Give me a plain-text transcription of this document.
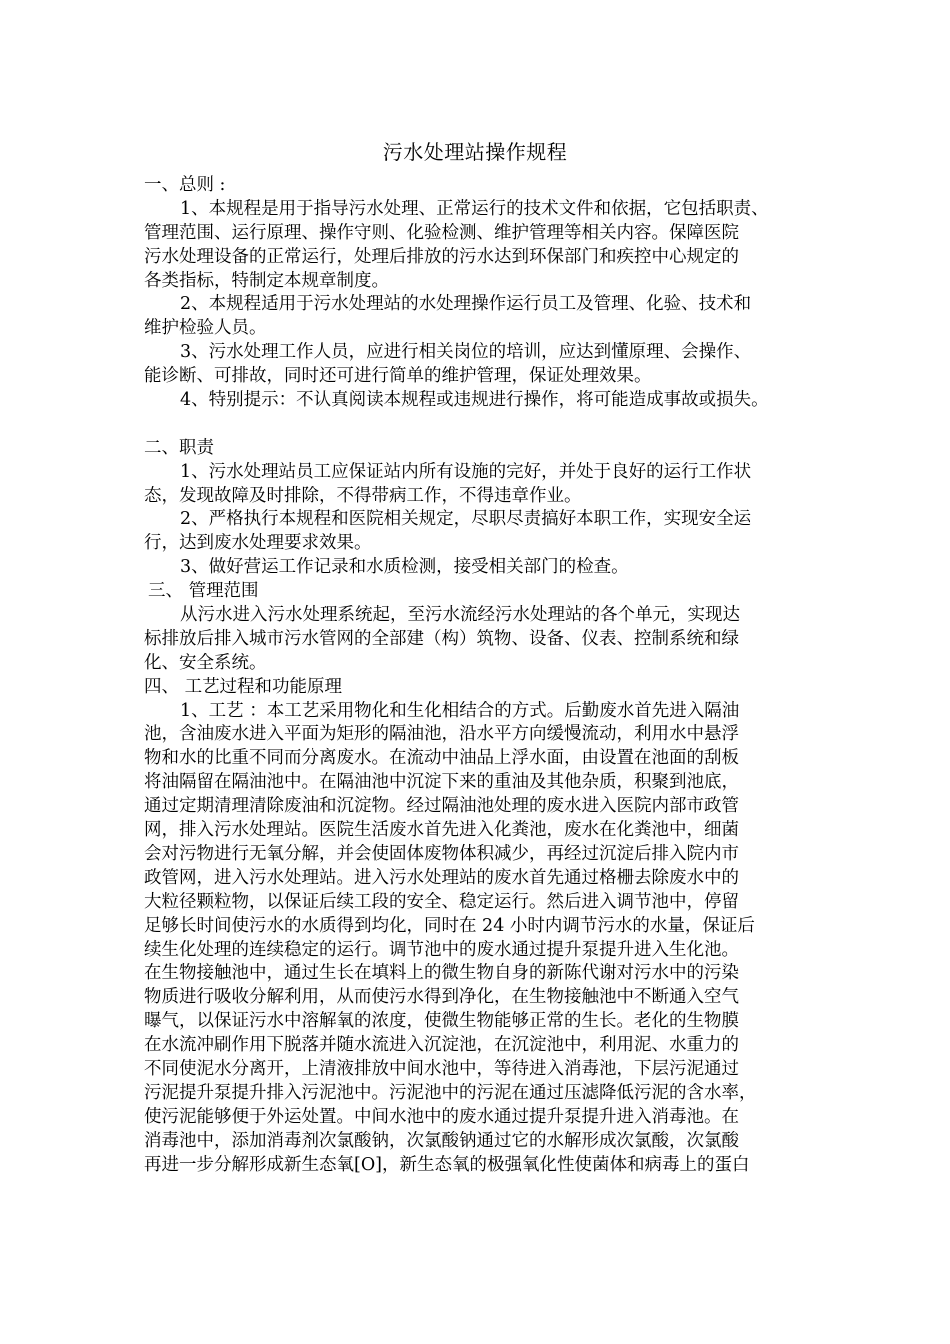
污水处理站操作规程
一、总则 :
1、本规程是用于指导污水处理、正常运行的技术文件和依据，它包括职责、
管理范围、运行原理、操作守则、化验检测、维护管理等相关内容。保障医院
污水处理设备的正常运行，处理后排放的污水达到环保部门和疾控中心规定的
各类指标，特制定本规章制度。
2、本规程适用于污水处理站的水处理操作运行员工及管理、化验、技术和
维护检验人员。
3、污水处理工作人员，应进行相关岗位的培训，应达到懂原理、会操作、
能诊断、可排故，同时还可进行简单的维护管理，保证处理效果。
4、特别提示：不认真阅读本规程或违规进行操作，将可能造成事故或损失。
二、职责
1、污水处理站员工应保证站内所有设施的完好，并处于良好的运行工作状
态，发现故障及时排除，不得带病工作，不得违章作业。
2、严格执行本规程和医院相关规定，尽职尽责搞好本职工作，实现安全运
行，达到废水处理要求效果。
3、做好营运工作记录和水质检测，接受相关部门的检查。
三、 管理范围
从污水进入污水处理系统起，至污水流经污水处理站的各个单元，实现达
标排放后排入城市污水管网的全部建（构）筑物、设备、仪表、控制系统和绿
化、安全系统。
四、 工艺过程和功能原理
1、工艺 ：本工艺采用物化和生化相结合的方式。后勤废水首先进入隔油
池，含油废水进入平面为矩形的隔油池，沿水平方向缓慢流动，利用水中悬浮
物和水的比重不同而分离废水。在流动中油品上浮水面，由设置在池面的刮板
将油隔留在隔油池中。在隔油池中沉淀下来的重油及其他杂质，积聚到池底，
通过定期清理清除废油和沉淀物。经过隔油池处理的废水进入医院内部市政管
网，排入污水处理站。医院生活废水首先进入化粪池，废水在化粪池中，细菌
会对污物进行无氧分解，并会使固体废物体积减少，再经过沉淀后排入院内市
政管网，进入污水处理站。进入污水处理站的废水首先通过格栅去除废水中的
大粒径颗粒物，以保证后续工段的安全、稳定运行。然后进入调节池中，停留
足够长时间使污水的水质得到均化，同时在 24 小时内调节污水的水量，保证后
续生化处理的连续稳定的运行。调节池中的废水通过提升泵提升进入生化池。
在生物接触池中，通过生长在填料上的微生物自身的新陈代谢对污水中的污染
物质进行吸收分解利用，从而使污水得到净化，在生物接触池中不断通入空气
曝气，以保证污水中溶解氧的浓度，使微生物能够正常的生长。老化的生物膜
在水流冲刷作用下脱落并随水流进入沉淀池，在沉淀池中，利用泥、水重力的
不同使泥水分离开，上清液排放中间水池中，等待进入消毒池，下层污泥通过
污泥提升泵提升排入污泥池中。污泥池中的污泥在通过压滤降低污泥的含水率，
使污泥能够便于外运处置。中间水池中的废水通过提升泵提升进入消毒池。在
消毒池中，添加消毒剂次氯酸钠，次氯酸钠通过它的水解形成次氯酸，次氯酸
再进一步分解形成新生态氧[O]，新生态氧的极强氧化性使菌体和病毒上的蛋白
